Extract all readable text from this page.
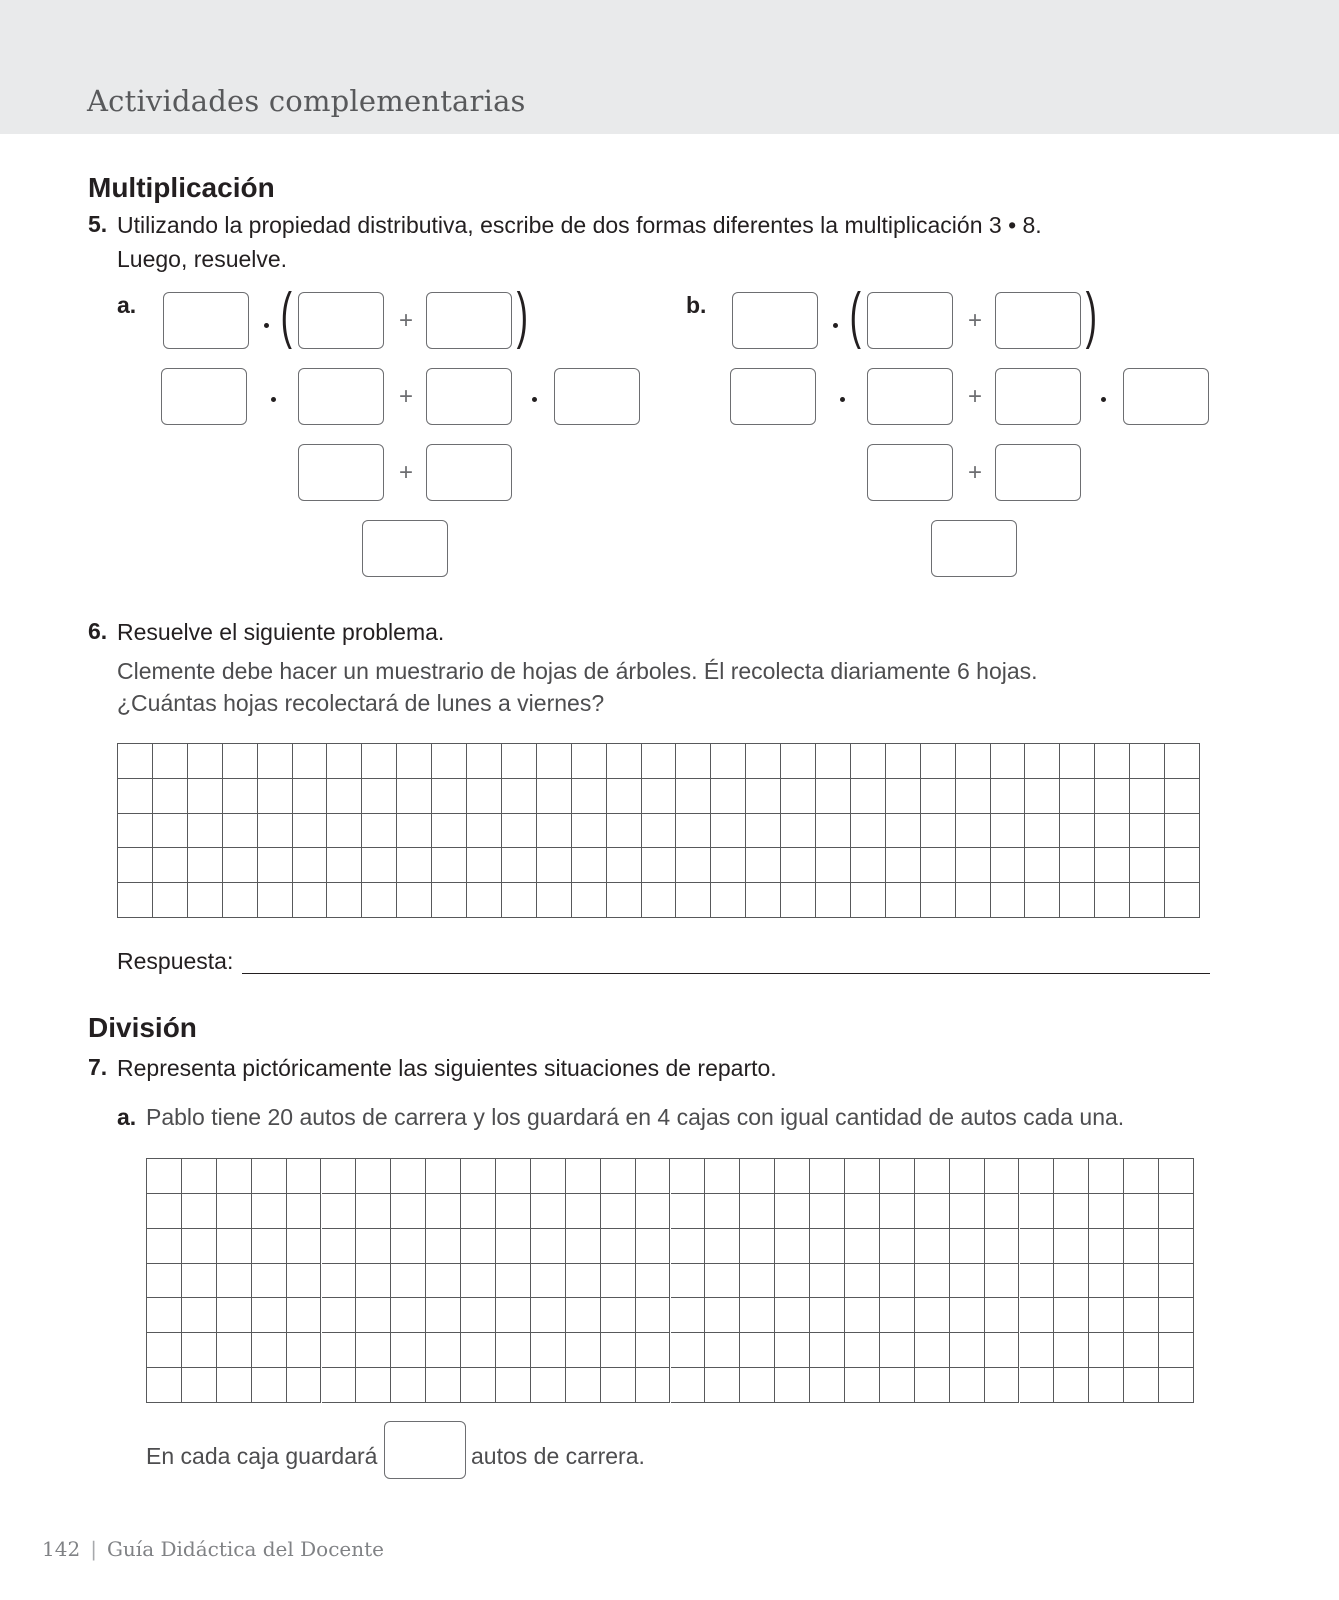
Actividades complementarias
Multiplicación
5. Utilizando la propiedad distributiva, escribe de dos formas diferentes la multiplicación 3 • 8.
Luego, resuelve.
a. (	+ )
+
+
b. (	+ )
+
+
6. Resuelve el siguiente problema.
Clemente debe hacer un muestrario de hojas de árboles. Él recolecta diariamente 6 hojas.
¿Cuántas hojas recolectará de lunes a viernes?
Respuesta:
División
7. Representa pictóricamente las siguientes situaciones de reparto.
a. Pablo tiene 20 autos de carrera y los guardará en 4 cajas con igual cantidad de autos cada una.
En cada caja guardará	autos de carrera.
142 | Guía Didáctica del Docente
